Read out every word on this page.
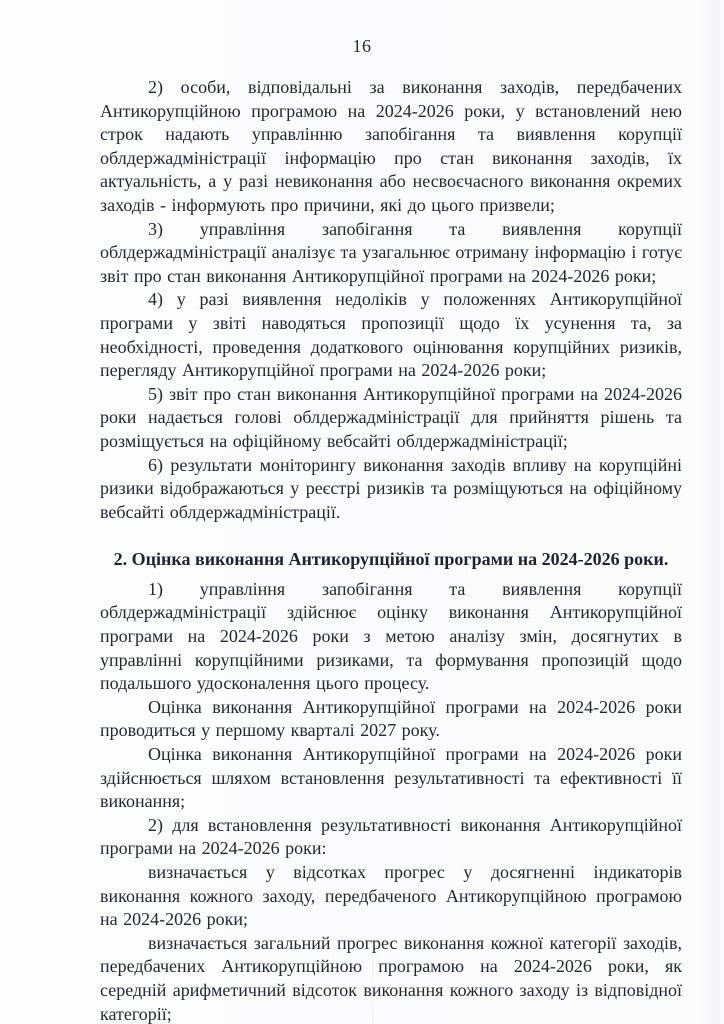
16

2) особи, відповідальні за виконання заходів, передбачених Антикорупційною програмою на 2024-2026 роки, у встановлений нею строк надають управлінню запобігання та виявлення корупції облдержадміністрації інформацію про стан виконання заходів, їх актуальність, а у разі невиконання або несвоєчасного виконання окремих заходів - інформують про причини, які до цього призвели;

3) управління запобігання та виявлення корупції облдержадміністрації аналізує та узагальнює отриману інформацію і готує звіт про стан виконання Антикорупційної програми на 2024-2026 роки;

4) у разі виявлення недоліків у положеннях Антикорупційної програми у звіті наводяться пропозиції щодо їх усунення та, за необхідності, проведення додаткового оцінювання корупційних ризиків, перегляду Антикорупційної програми на 2024-2026 роки;

5) звіт про стан виконання Антикорупційної програми на 2024-2026 роки надається голові облдержадміністрації для прийняття рішень та розміщується на офіційному вебсайті облдержадміністрації;

6) результати моніторингу виконання заходів впливу на корупційні ризики відображаються у реєстрі ризиків та розміщуються на офіційному вебсайті облдержадміністрації.

2. Оцінка виконання Антикорупційної програми на 2024-2026 роки.

1) управління запобігання та виявлення корупції облдержадміністрації здійснює оцінку виконання Антикорупційної програми на 2024-2026 роки з метою аналізу змін, досягнутих в управлінні корупційними ризиками, та формування пропозицій щодо подальшого удосконалення цього процесу.

Оцінка виконання Антикорупційної програми на 2024-2026 роки проводиться у першому кварталі 2027 року.

Оцінка виконання Антикорупційної програми на 2024-2026 роки здійснюється шляхом встановлення результативності та ефективності її виконання;

2) для встановлення результативності виконання Антикорупційної програми на 2024-2026 роки:

визначається у відсотках прогрес у досягненні індикаторів виконання кожного заходу, передбаченого Антикорупційною програмою на 2024-2026 роки;

визначається загальний прогрес виконання кожної категорії заходів, передбачених Антикорупційною програмою на 2024-2026 роки, як середній арифметичний відсоток виконання кожного заходу із відповідної категорії;
